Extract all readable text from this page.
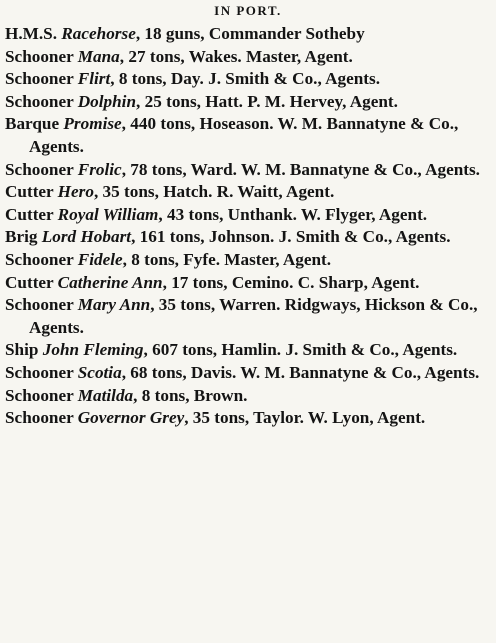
IN PORT.
H.M.S. Racehorse, 18 guns, Commander Sotheby
Schooner Mana, 27 tons, Wakes. Master, Agent.
Schooner Flirt, 8 tons, Day. J. Smith & Co., Agents.
Schooner Dolphin, 25 tons, Hatt. P. M. Hervey, Agent.
Barque Promise, 440 tons, Hoseason. W. M. Bannatyne & Co., Agents.
Schooner Frolic, 78 tons, Ward. W. M. Bannatyne & Co., Agents.
Cutter Hero, 35 tons, Hatch. R. Waitt, Agent.
Cutter Royal William, 43 tons, Unthank. W. Flyger, Agent.
Brig Lord Hobart, 161 tons, Johnson. J. Smith & Co., Agents.
Schooner Fidele, 8 tons, Fyfe. Master, Agent.
Cutter Catherine Ann, 17 tons, Cemino. C. Sharp, Agent.
Schooner Mary Ann, 35 tons, Warren. Ridgways, Hickson & Co., Agents.
Ship John Fleming, 607 tons, Hamlin. J. Smith & Co., Agents.
Schooner Scotia, 68 tons, Davis. W. M. Bannatyne & Co., Agents.
Schooner Matilda, 8 tons, Brown.
Schooner Governor Grey, 35 tons, Taylor. W. Lyon, Agent.
